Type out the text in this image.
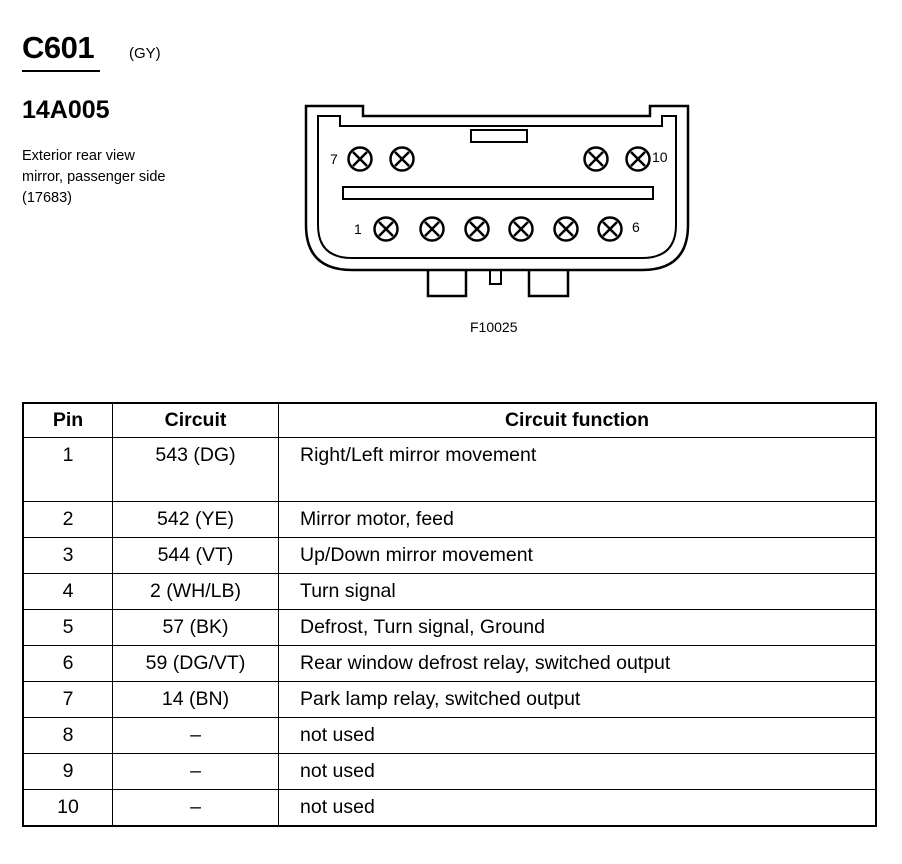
C601 (GY)
14A005
Exterior rear view mirror, passenger side (17683)
7	10
1	6
F10025
Pin	Circuit	Circuit function
1	543 (DG)	Right/Left mirror movement
2	542 (YE)	Mirror motor, feed
3	544 (VT)	Up/Down mirror movement
4	2 (WH/LB)	Turn signal
5	57 (BK)	Defrost, Turn signal, Ground
6	59 (DG/VT)	Rear window defrost relay, switched output
7	14 (BN)	Park lamp relay, switched output
8	–	not used
9	–	not used
10	–	not used
